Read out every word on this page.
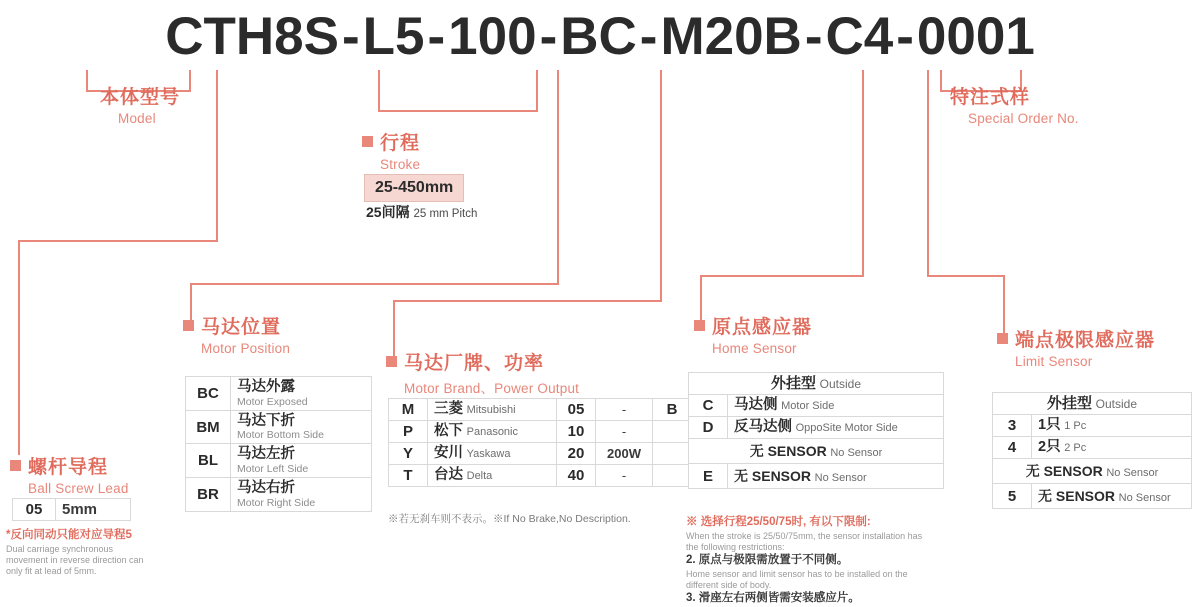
CTH8S-L5-100-BC-M20B-C4-0001
本体型号
Model
特注式样
Special Order No.
行程
Stroke
25-450mm
25间隔 25 mm Pitch
螺杆导程
Ball Screw Lead
05	5mm
*反向同动只能对应导程5
Dual carriage synchronous
movement in reverse direction can
only fit at lead of 5mm.
马达位置
Motor Position
BC	马达外露
Motor Exposed

BM	马达下折
Motor Bottom Side

BL	马达左折
Motor Left Side

BR	马达右折
Motor Right Side
马达厂牌、功率
Motor Brand、Power Output
M	三菱 Mitsubishi	05	-	B
P	松下 Panasonic	10	-	
Y	安川 Yaskawa	20	200W	
T	台达 Delta	40	-	
※若无刹车则不表示。※If No Brake,No Description.
原点感应器
Home Sensor
外挂型 Outside	
C	马达侧 Motor Side
D	反马达侧 OppoSite Motor Side
无 SENSOR No Sensor	
E	无 SENSOR No Sensor
※ 选择行程25/50/75时, 有以下限制:
When the stroke is 25/50/75mm, the sensor installation has
the following restrictions:
2. 原点与极限需放置于不同侧。
Home sensor and limit sensor has to be installed on the
different side of body.
3. 滑座左右两侧皆需安装感应片。
端点极限感应器
Limit Sensor
外挂型 Outside	
3	1只 1 Pc
4	2只 2 Pc
无 SENSOR No Sensor	
5	无 SENSOR No Sensor
